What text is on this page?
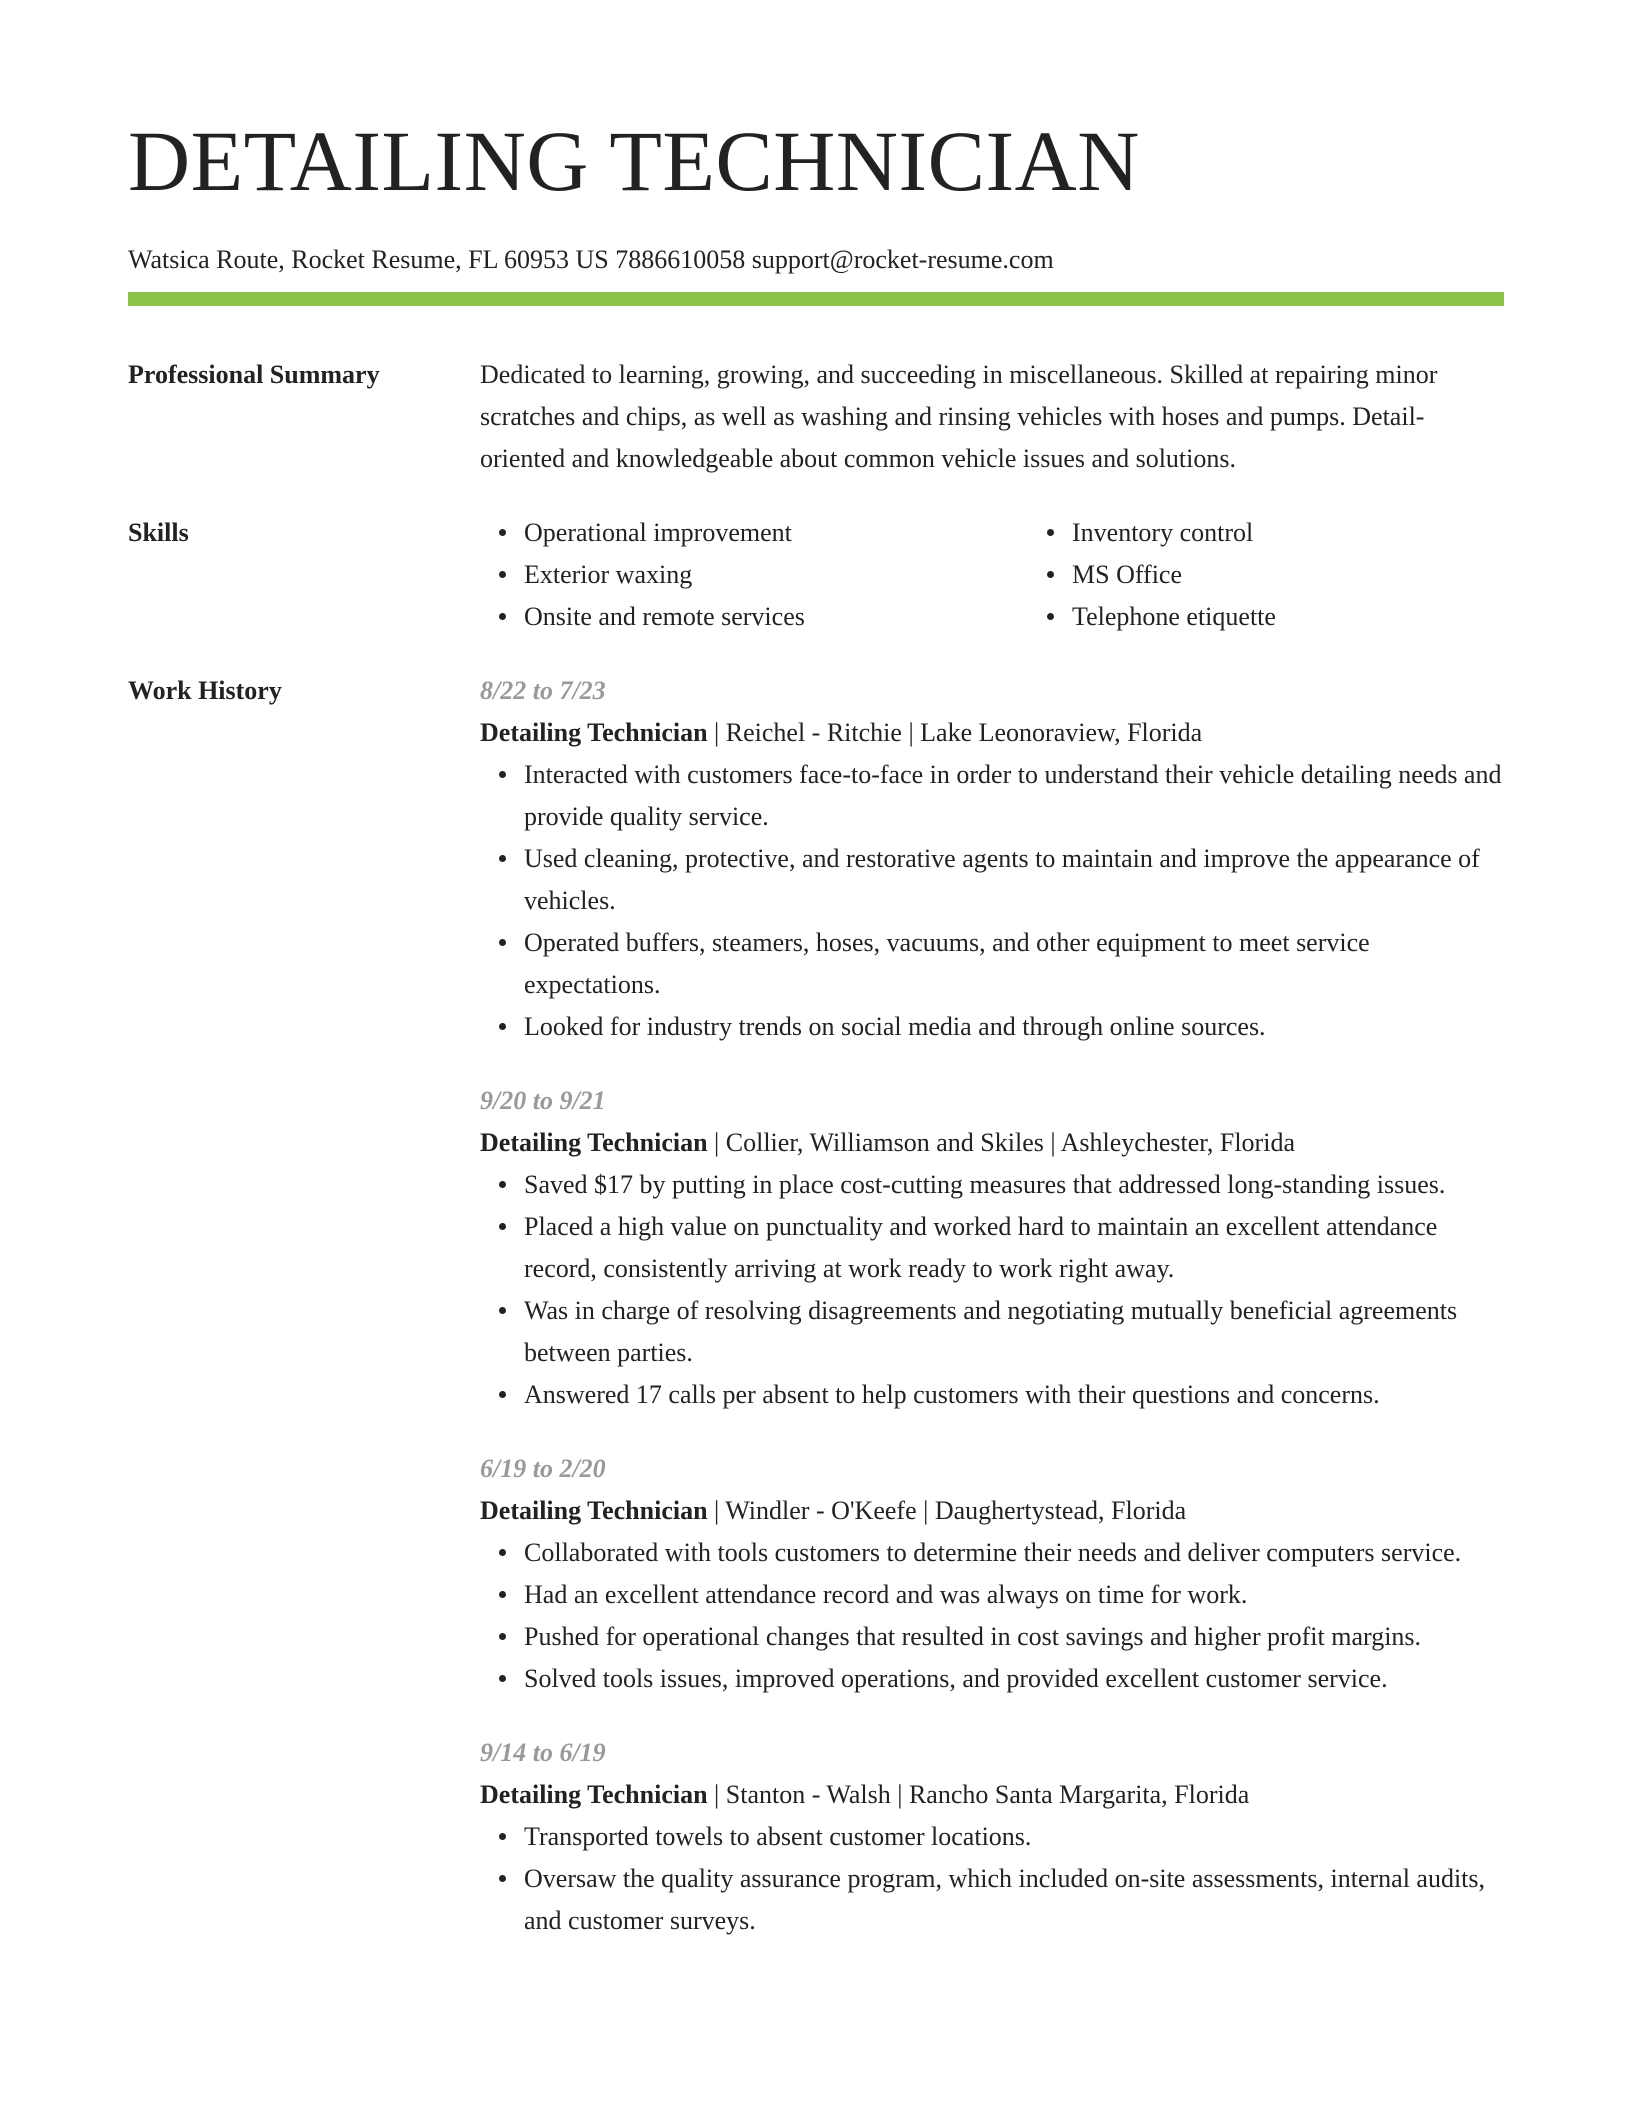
DETAILING TECHNICIAN
Watsica Route, Rocket Resume, FL 60953 US 7886610058 support@rocket-resume.com
Professional Summary	Dedicated to learning, growing, and succeeding in miscellaneous. Skilled at repairing minor scratches and chips, as well as washing and rinsing vehicles with hoses and pumps. Detail-oriented and knowledgeable about common vehicle issues and solutions.
Skills	Operational improvement
Exterior waxing
Onsite and remote services
Inventory control
MS Office
Telephone etiquette
Work History	8/22 to 7/23
Detailing Technician | Reichel - Ritchie | Lake Leonoraview, Florida
Interacted with customers face-to-face in order to understand their vehicle detailing needs and provide quality service.
Used cleaning, protective, and restorative agents to maintain and improve the appearance of vehicles.
Operated buffers, steamers, hoses, vacuums, and other equipment to meet service expectations.
Looked for industry trends on social media and through online sources.
9/20 to 9/21
Detailing Technician | Collier, Williamson and Skiles | Ashleychester, Florida
Saved $17 by putting in place cost-cutting measures that addressed long-standing issues.
Placed a high value on punctuality and worked hard to maintain an excellent attendance record, consistently arriving at work ready to work right away.
Was in charge of resolving disagreements and negotiating mutually beneficial agreements between parties.
Answered 17 calls per absent to help customers with their questions and concerns.
6/19 to 2/20
Detailing Technician | Windler - O'Keefe | Daughertystead, Florida
Collaborated with tools customers to determine their needs and deliver computers service.
Had an excellent attendance record and was always on time for work.
Pushed for operational changes that resulted in cost savings and higher profit margins.
Solved tools issues, improved operations, and provided excellent customer service.
9/14 to 6/19
Detailing Technician | Stanton - Walsh | Rancho Santa Margarita, Florida
Transported towels to absent customer locations.
Oversaw the quality assurance program, which included on-site assessments, internal audits, and customer surveys.
